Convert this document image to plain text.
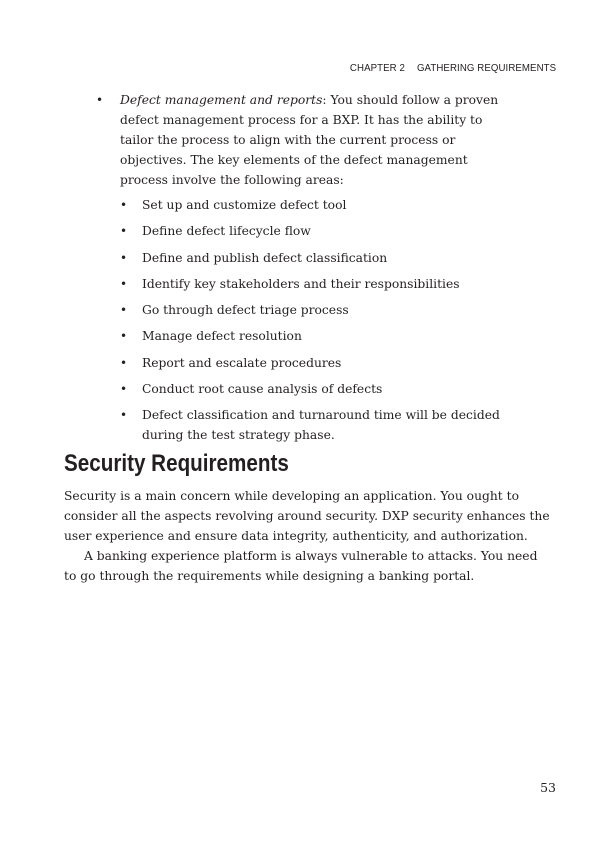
CHAPTER 2 GATHERING REQUIREMENTS
• Defect management and reports: You should follow a proven defect management process for a BXP. It has the ability to tailor the process to align with the current process or objectives. The key elements of the defect management process involve the following areas:
• Set up and customize defect tool
• Define defect lifecycle flow
• Define and publish defect classification
• Identify key stakeholders and their responsibilities
• Go through defect triage process
• Manage defect resolution
• Report and escalate procedures
• Conduct root cause analysis of defects
• Defect classification and turnaround time will be decided during the test strategy phase.
Security Requirements

Security is a main concern while developing an application. You ought to consider all the aspects revolving around security. DXP security enhances the user experience and ensure data integrity, authenticity, and authorization.

A banking experience platform is always vulnerable to attacks. You need to go through the requirements while designing a banking portal.

53
